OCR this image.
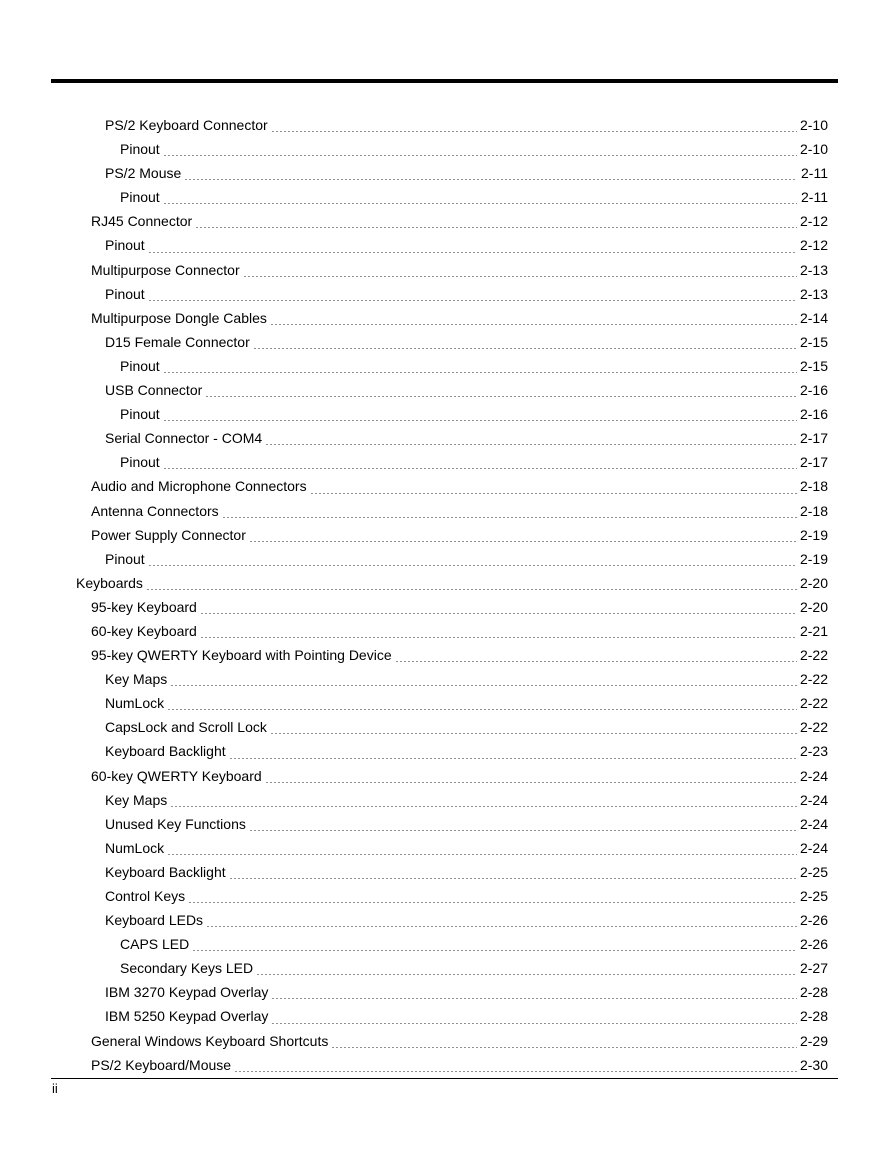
PS/2 Keyboard Connector	2-10
Pinout	2-10
PS/2 Mouse	2-11
Pinout	2-11
RJ45 Connector	2-12
Pinout	2-12
Multipurpose Connector	2-13
Pinout	2-13
Multipurpose Dongle Cables	2-14
D15 Female Connector	2-15
Pinout	2-15
USB Connector	2-16
Pinout	2-16
Serial Connector - COM4	2-17
Pinout	2-17
Audio and Microphone Connectors	2-18
Antenna Connectors	2-18
Power Supply Connector	2-19
Pinout	2-19
Keyboards	2-20
95-key Keyboard	2-20
60-key Keyboard	2-21
95-key QWERTY Keyboard with Pointing Device	2-22
Key Maps	2-22
NumLock	2-22
CapsLock and Scroll Lock	2-22
Keyboard Backlight	2-23
60-key QWERTY Keyboard	2-24
Key Maps	2-24
Unused Key Functions	2-24
NumLock	2-24
Keyboard Backlight	2-25
Control Keys	2-25
Keyboard LEDs	2-26
CAPS LED	2-26
Secondary Keys LED	2-27
IBM 3270 Keypad Overlay	2-28
IBM 5250 Keypad Overlay	2-28
General Windows Keyboard Shortcuts	2-29
PS/2 Keyboard/Mouse	2-30
ii
